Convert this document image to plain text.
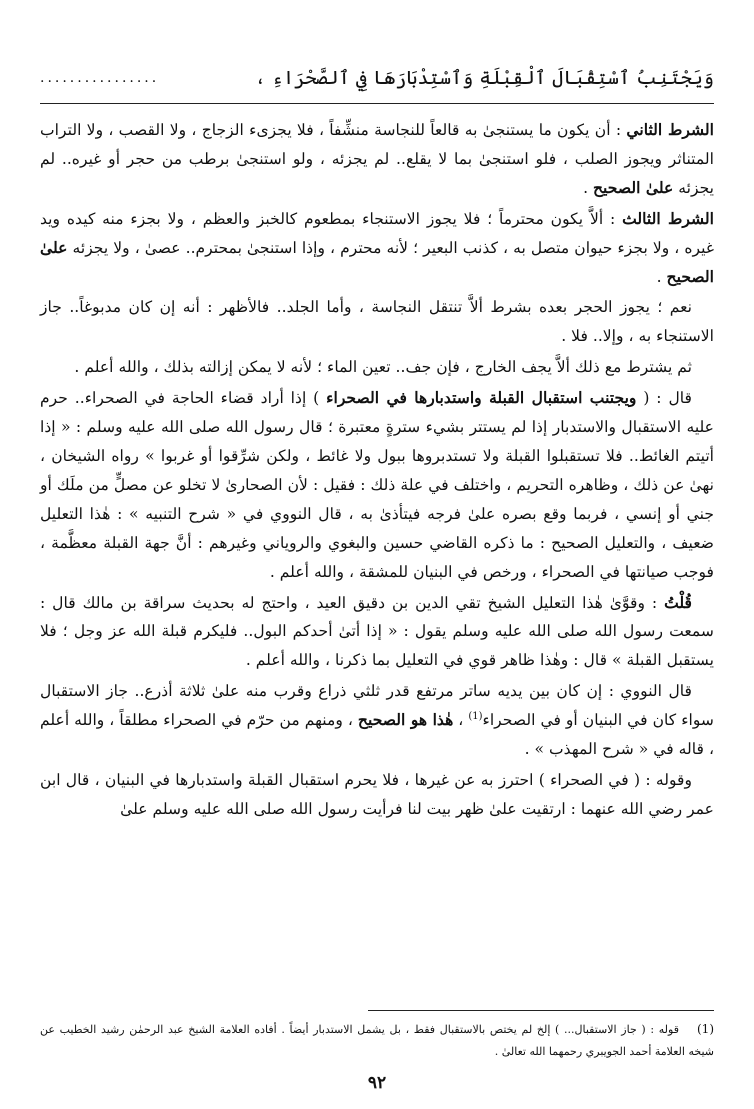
وَيَجْتَنِبُ ٱسْتِقْبَالَ ٱلْقِبْلَةِ وَٱسْتِدْبَارَهَا فِي ٱلصَّحْرَاءِ ،
................

الشرط الثاني : أن يكون ما يستنجىٰ به قالعاً للنجاسة منشِّفاً ، فلا يجزىء الزجاج ، ولا القصب ، ولا التراب المتناثر ويجوز الصلب ، فلو استنجىٰ بما لا يقلع.. لم يجزئه ، ولو استنجىٰ برطب من حجر أو غيره.. لم يجزئه علىٰ الصحيح .

الشرط الثالث : ألاَّ يكون محترماً ؛ فلا يجوز الاستنجاء بمطعوم كالخبز والعظم ، ولا بجزء منه كيده ويد غيره ، ولا بجزء حيوان متصل به ، كذنب البعير ؛ لأنه محترم ، وإذا استنجىٰ بمحترم.. عصىٰ ، ولا يجزئه علىٰ الصحيح .

نعم ؛ يجوز الحجر بعده بشرط ألاَّ تنتقل النجاسة ، وأما الجلد.. فالأظهر : أنه إن كان مدبوغاً.. جاز الاستنجاء به ، وإلا.. فلا .

ثم يشترط مع ذلك ألاَّ يجف الخارج ، فإن جف.. تعين الماء ؛ لأنه لا يمكن إزالته بذلك ، والله أعلم .

قال : ( ويجتنب استقبال القبلة واستدبارها في الصحراء ) إذا أراد قضاء الحاجة في الصحراء.. حرم عليه الاستقبال والاستدبار إذا لم يستتر بشيء سترةٍ معتبرة ؛ قال رسول الله صلى الله عليه وسلم : « إذا أتيتم الغائط.. فلا تستقبلوا القبلة ولا تستدبروها ببول ولا غائط ، ولكن شرِّقوا أو غربوا » رواه الشيخان ، نهىٰ عن ذلك ، وظاهره التحريم ، واختلف في علة ذلك : فقيل : لأن الصحارىٰ لا تخلو عن مصلٍّ من ملَك أو جني أو إنسي ، فربما وقع بصره علىٰ فرجه فيتأذىٰ به ، قال النووي في « شرح التنبيه » : هٰذا التعليل ضعيف ، والتعليل الصحيح : ما ذكره القاضي حسين والبغوي والروياني وغيرهم : أنَّ جهة القبلة معظَّمة ، فوجب صيانتها في الصحراء ، ورخص في البنيان للمشقة ، والله أعلم .

قُلْتُ : وقوَّىٰ هٰذا التعليل الشيخ تقي الدين بن دقيق العيد ، واحتج له بحديث سراقة بن مالك قال : سمعت رسول الله صلى الله عليه وسلم يقول : « إذا أتىٰ أحدكم البول.. فليكرم قبلة الله عز وجل ؛ فلا يستقبل القبلة » قال : وهٰذا ظاهر قوي في التعليل بما ذكرنا ، والله أعلم .

قال النووي : إن كان بين يديه ساتر مرتفع قدر ثلثي ذراع وقرب منه علىٰ ثلاثة أذرع.. جاز الاستقبال سواء كان في البنيان أو في الصحراء$^{(1)}$ ، هٰذا هو الصحيح ، ومنهم من حرّم في الصحراء مطلقاً ، والله أعلم ، قاله في « شرح المهذب » .

وقوله : ( في الصحراء ) احترز به عن غيرها ، فلا يحرم استقبال القبلة واستدبارها في البنيان ، قال ابن عمر رضي الله عنهما : ارتقيت علىٰ ظهر بيت لنا فرأيت رسول الله صلى الله عليه وسلم علىٰ

(1)قوله : ( جاز الاستقبال... ) إلخ لم يختص بالاستقبال فقط ، بل يشمل الاستدبار أيضاً . أفاده العلامة الشيخ عبد الرحمٰن رشيد الخطيب عن شيخه العلامة أحمد الجويبري رحمهما الله تعالىٰ .
٩٢
